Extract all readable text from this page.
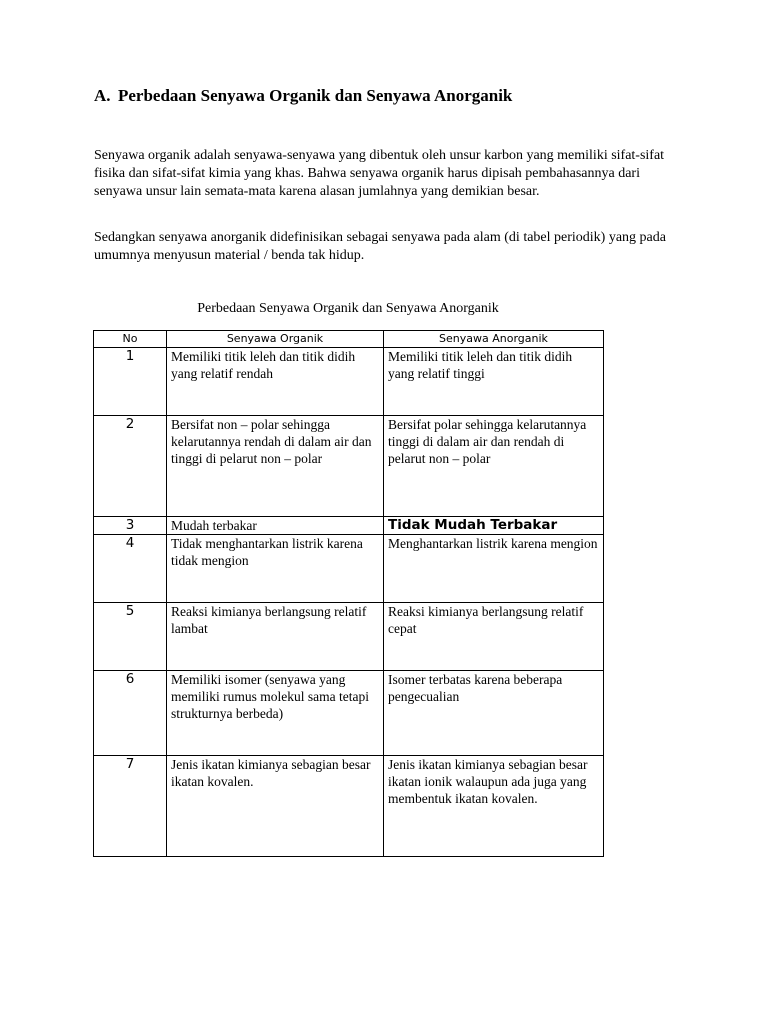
A. Perbedaan Senyawa Organik dan Senyawa Anorganik

Senyawa organik adalah senyawa-senyawa yang dibentuk oleh unsur karbon yang memiliki sifat-sifat fisika dan sifat-sifat kimia yang khas. Bahwa senyawa organik harus dipisah pembahasannya dari senyawa unsur lain semata-mata karena alasan jumlahnya yang demikian besar.

Sedangkan senyawa anorganik didefinisikan sebagai senyawa pada alam (di tabel periodik) yang pada umumnya menyusun material / benda tak hidup.

Perbedaan Senyawa Organik dan Senyawa Anorganik
No	Senyawa Organik	Senyawa Anorganik
1	Memiliki titik leleh dan titik didih yang relatif rendah	Memiliki titik leleh dan titik didih yang relatif tinggi
2	Bersifat non – polar sehingga kelarutannya rendah di dalam air dan tinggi di pelarut non – polar	Bersifat polar sehingga kelarutannya tinggi di dalam air dan rendah di pelarut non – polar
3	Mudah terbakar	Tidak Mudah Terbakar
4	Tidak menghantarkan listrik karena tidak mengion	Menghantarkan listrik karena mengion
5	Reaksi kimianya berlangsung relatif lambat	Reaksi kimianya berlangsung relatif cepat
6	Memiliki isomer (senyawa yang memiliki rumus molekul sama tetapi strukturnya berbeda)	Isomer terbatas karena beberapa pengecualian
7	Jenis ikatan kimianya sebagian besar ikatan kovalen.	Jenis ikatan kimianya sebagian besar ikatan ionik walaupun ada juga yang membentuk ikatan kovalen.
